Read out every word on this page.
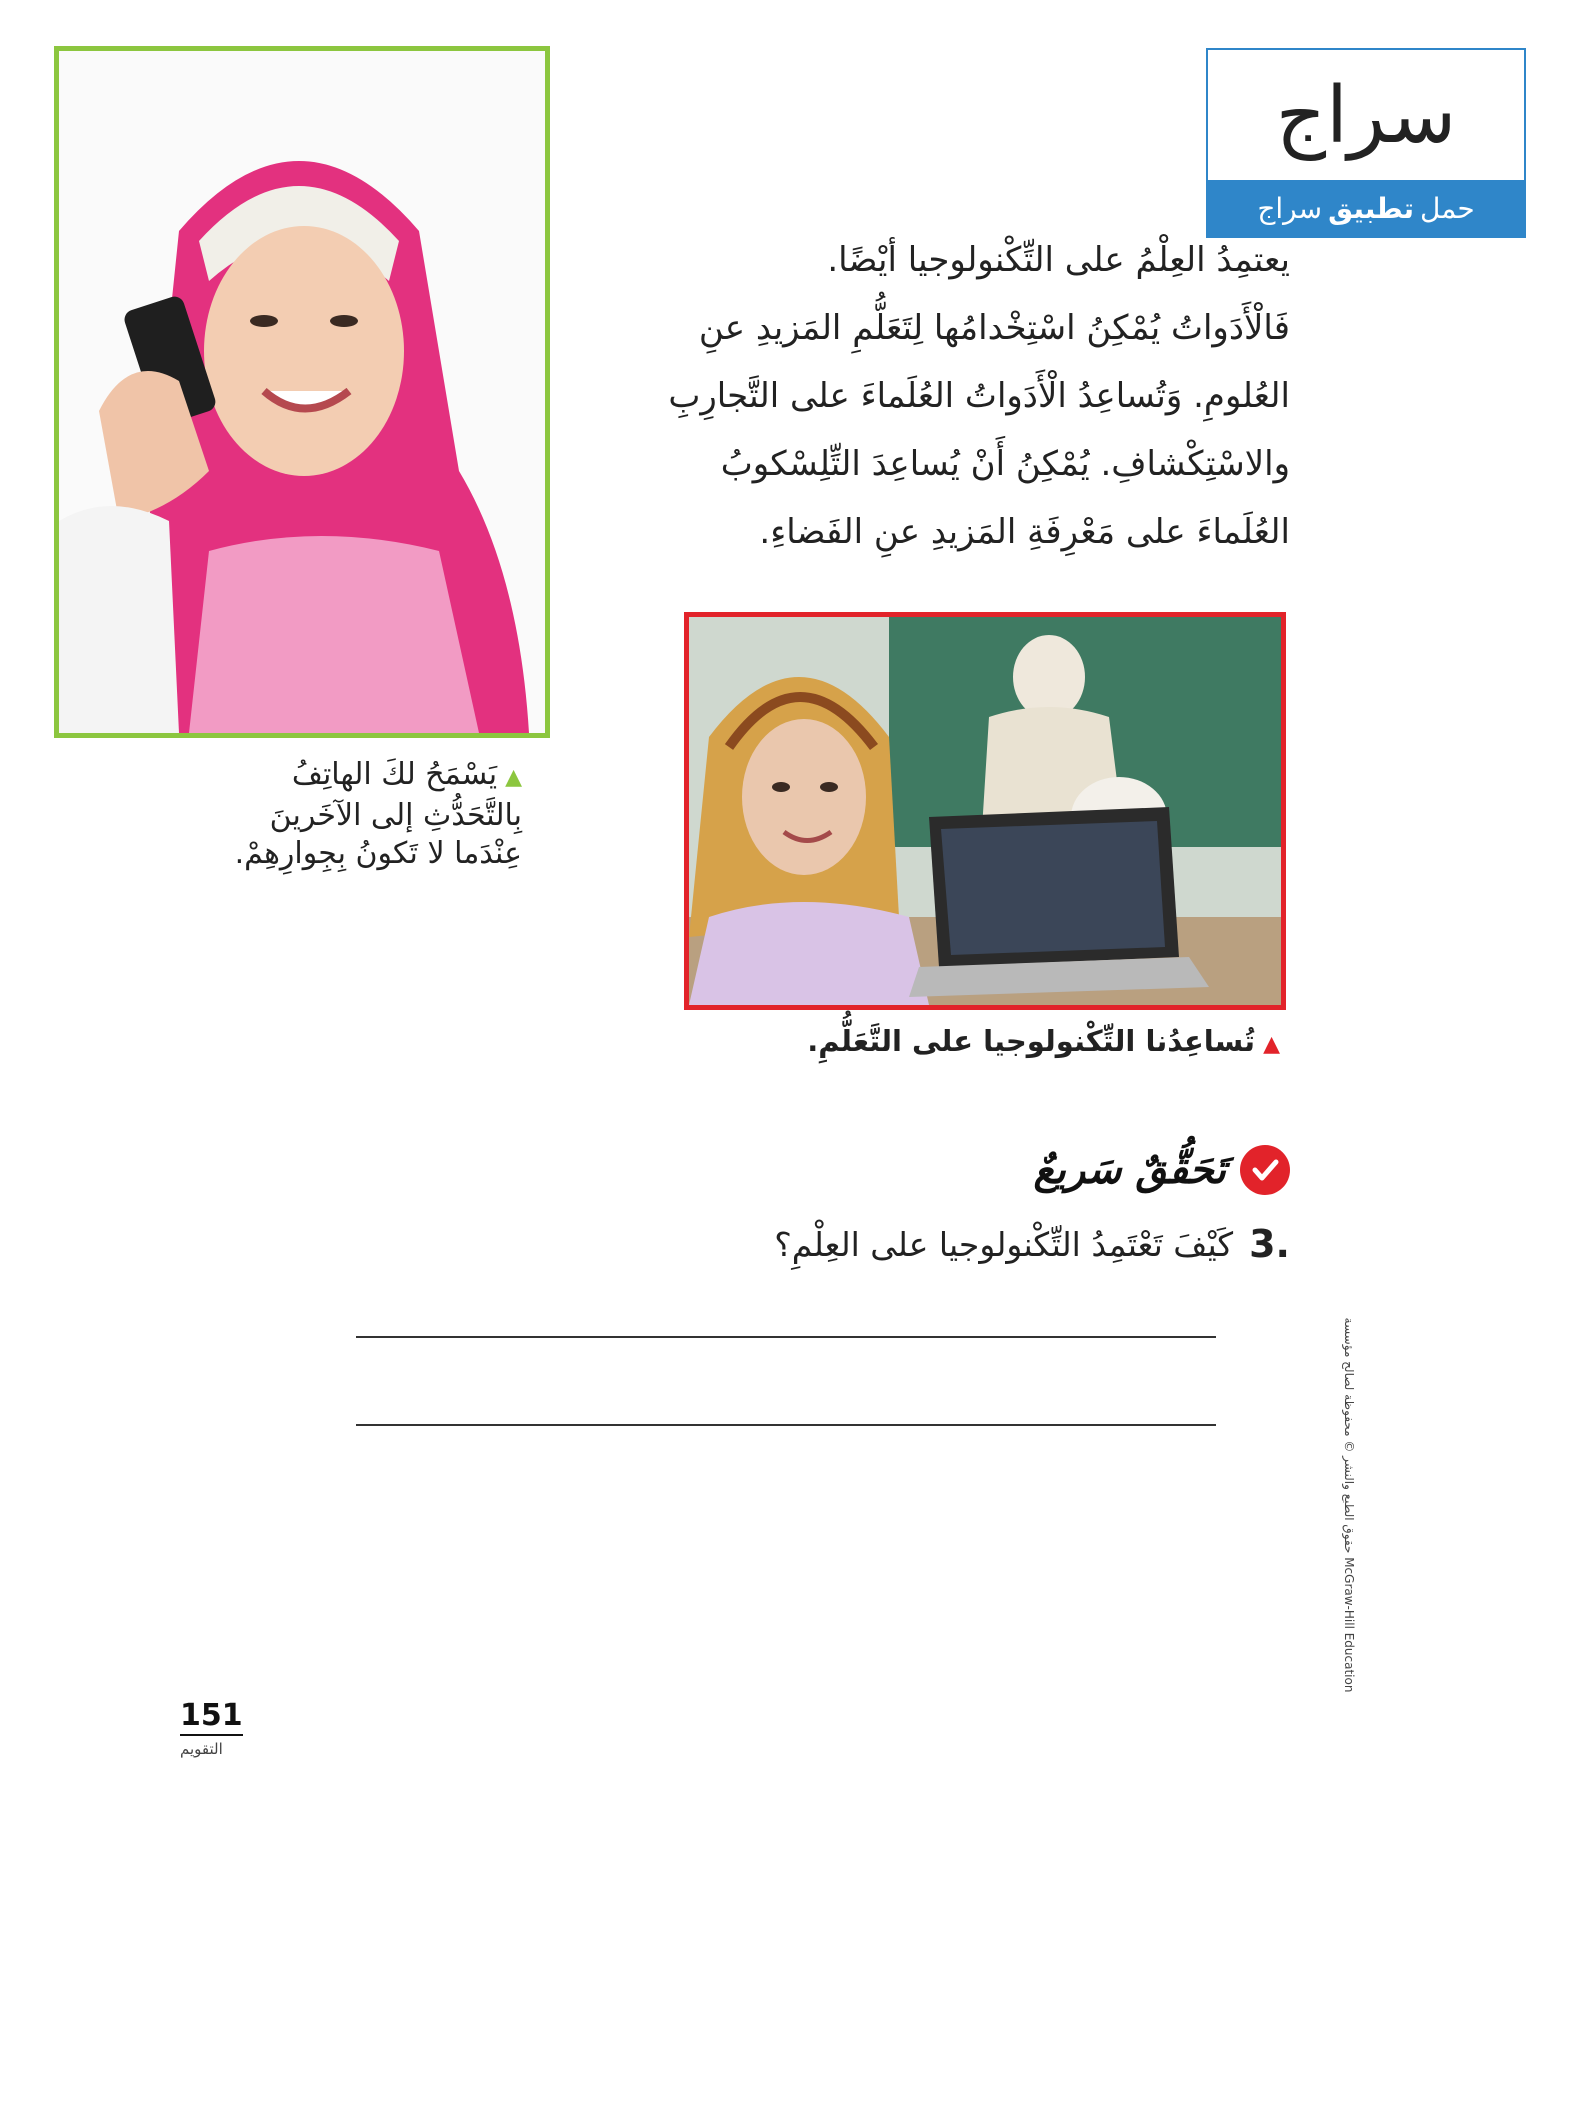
سراج
حمل
تطبيق
سراج
يعتمِدُ العِلْمُ على التِّكْنولوجيا أيْضًا.
فَالْأَدَواتُ يُمْكِنُ اسْتِخْدامُها لِتَعَلُّمِ المَزيدِ عنِ
العُلومِ. وَتُساعِدُ الْأَدَواتُ العُلَماءَ على التَّجارِبِ
والاسْتِكْشافِ. يُمْكِنُ أَنْ يُساعِدَ التِّلِسْكوبُ
العُلَماءَ على مَعْرِفَةِ المَزيدِ عنِ الفَضاءِ.
▲يَسْمَحُ لكَ الهاتِفُ
بِالتَّحَدُّثِ إلى الآخَرينَ
عِنْدَما لا تَكونُ بِجِوارِهِمْ.
▲تُساعِدُنا التِّكْنولوجيا على التَّعَلُّمِ.
تَحَقُّقٌ سَريعٌ
3.
كَيْفَ تَعْتَمِدُ التِّكْنولوجيا على العِلْمِ؟
حقوق الطبع والنشر © محفوظة لصالح مؤسسة McGraw-Hill Education
151
التقويم
